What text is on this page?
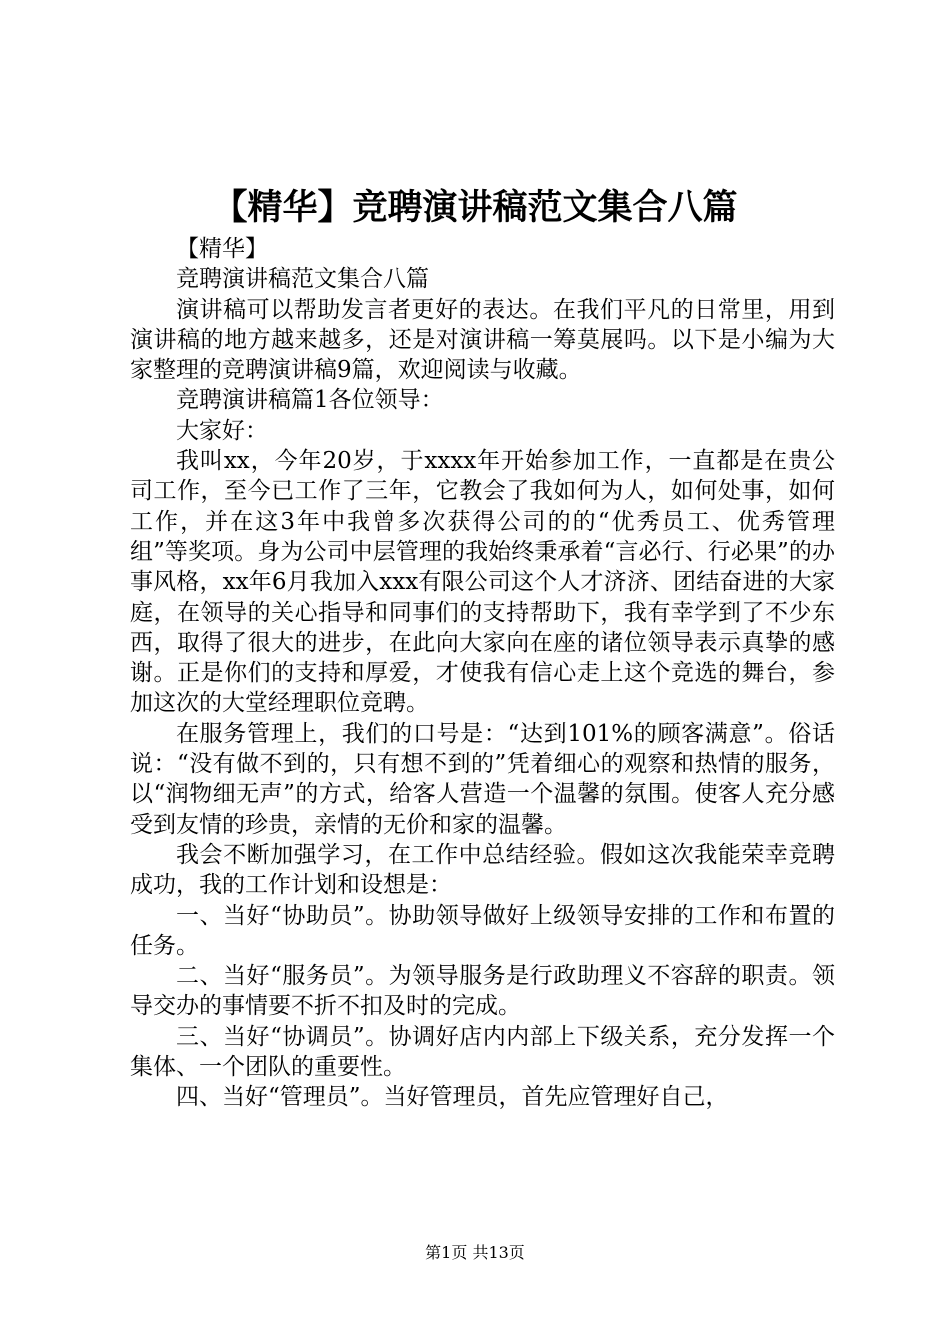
【精华】竞聘演讲稿范文集合八篇

【精华】

竞聘演讲稿范文集合八篇

演讲稿可以帮助发言者更好的表达。在我们平凡的日常里，用到演讲稿的地方越来越多，还是对演讲稿一筹莫展吗。以下是小编为大家整理的竞聘演讲稿9篇，欢迎阅读与收藏。

竞聘演讲稿篇1各位领导：

大家好：

我叫xx，今年20岁，于xxxx年开始参加工作，一直都是在贵公司工作，至今已工作了三年，它教会了我如何为人，如何处事，如何工作，并在这3年中我曾多次获得公司的的“优秀员工、优秀管理组”等奖项。身为公司中层管理的我始终秉承着“言必行、行必果”的办事风格，xx年6月我加入xxx有限公司这个人才济济、团结奋进的大家庭，在领导的关心指导和同事们的支持帮助下，我有幸学到了不少东西，取得了很大的进步，在此向大家向在座的诸位领导表示真挚的感谢。正是你们的支持和厚爱，才使我有信心走上这个竞选的舞台，参加这次的大堂经理职位竞聘。

在服务管理上，我们的口号是：“达到101%的顾客满意”。俗话说：“没有做不到的，只有想不到的”凭着细心的观察和热情的服务，以“润物细无声”的方式，给客人营造一个温馨的氛围。使客人充分感受到友情的珍贵，亲情的无价和家的温馨。

我会不断加强学习，在工作中总结经验。假如这次我能荣幸竞聘成功，我的工作计划和设想是：

一、当好“协助员”。协助领导做好上级领导安排的工作和布置的任务。

二、当好“服务员”。为领导服务是行政助理义不容辞的职责。领导交办的事情要不折不扣及时的完成。

三、当好“协调员”。协调好店内内部上下级关系，充分发挥一个集体、一个团队的重要性。

四、当好“管理员”。当好管理员，首先应管理好自己，

第1页 共13页
